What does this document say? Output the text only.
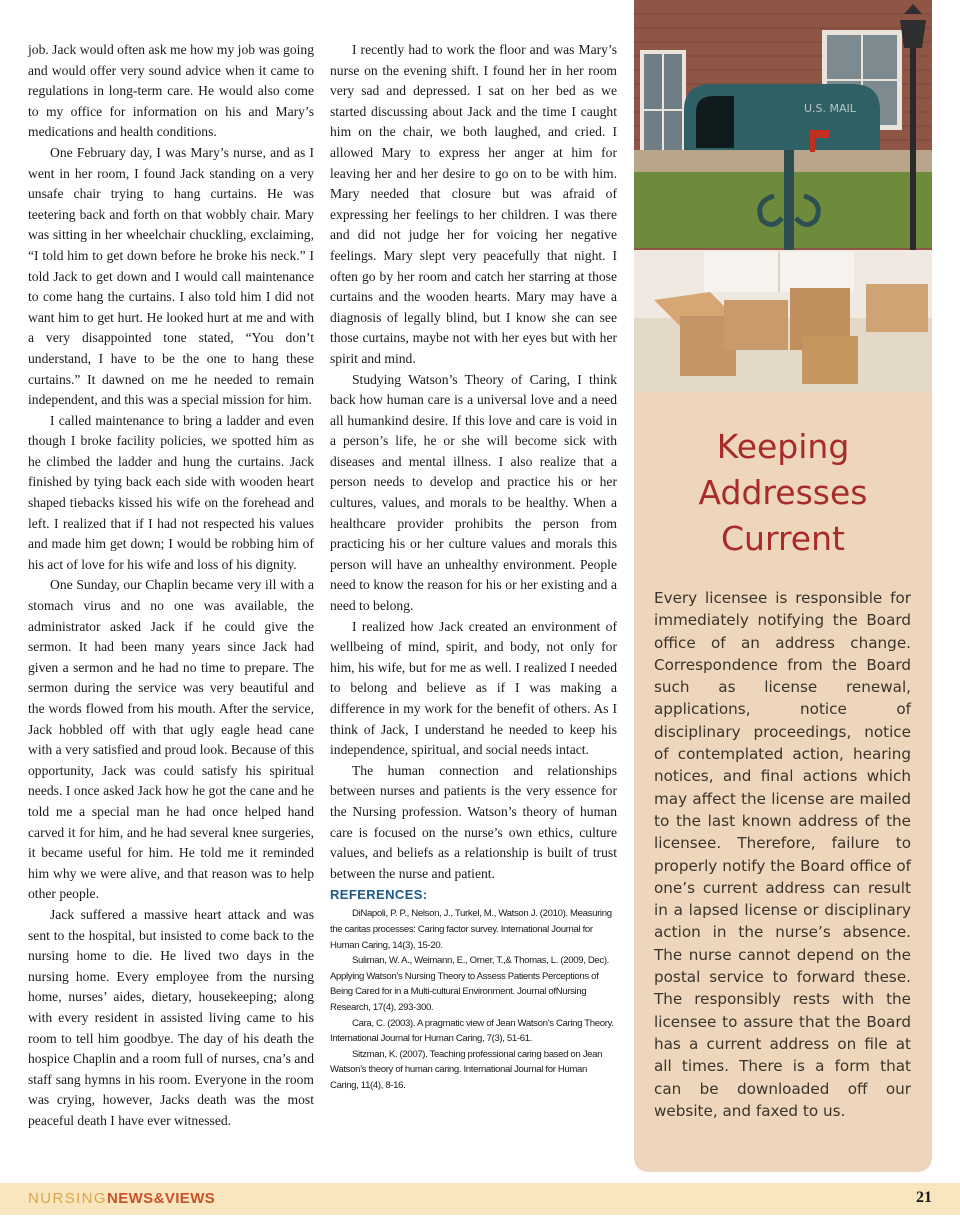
job. Jack would often ask me how my job was going and would offer very sound advice when it came to regulations in long-term care. He would also come to my office for information on his and Mary’s medications and health conditions.

One February day, I was Mary’s nurse, and as I went in her room, I found Jack standing on a very unsafe chair trying to hang curtains. He was teetering back and forth on that wobbly chair. Mary was sitting in her wheelchair chuckling, exclaiming, “I told him to get down before he broke his neck.” I told Jack to get down and I would call maintenance to come hang the curtains. I also told him I did not want him to get hurt. He looked hurt at me and with a very disappointed tone stated, “You don’t understand, I have to be the one to hang these curtains.” It dawned on me he needed to remain independent, and this was a special mission for him.

I called maintenance to bring a ladder and even though I broke facility policies, we spotted him as he climbed the ladder and hung the curtains. Jack finished by tying back each side with wooden heart shaped tiebacks kissed his wife on the forehead and left. I realized that if I had not respected his values and made him get down; I would be robbing him of his act of love for his wife and loss of his dignity.

One Sunday, our Chaplin became very ill with a stomach virus and no one was available, the administrator asked Jack if he could give the sermon. It had been many years since Jack had given a sermon and he had no time to prepare. The sermon during the service was very beautiful and the words flowed from his mouth. After the service, Jack hobbled off with that ugly eagle head cane with a very satisfied and proud look. Because of this opportunity, Jack was could satisfy his spiritual needs. I once asked Jack how he got the cane and he told me a special man he had once helped hand carved it for him, and he had several knee surgeries, it became useful for him. He told me it reminded him why we were alive, and that reason was to help other people.

Jack suffered a massive heart attack and was sent to the hospital, but insisted to come back to the nursing home to die. He lived two days in the nursing home. Every employee from the nursing home, nurses’ aides, dietary, housekeeping; along with every resident in assisted living came to his room to tell him goodbye. The day of his death the hospice Chaplin and a room full of nurses, cna’s and staff sang hymns in his room. Everyone in the room was crying, however, Jacks death was the most peaceful death I have ever witnessed.

I recently had to work the floor and was Mary’s nurse on the evening shift. I found her in her room very sad and depressed. I sat on her bed as we started discussing about Jack and the time I caught him on the chair, we both laughed, and cried. I allowed Mary to express her anger at him for leaving her and her desire to go on to be with him. Mary needed that closure but was afraid of expressing her feelings to her children. I was there and did not judge her for voicing her negative feelings. Mary slept very peacefully that night. I often go by her room and catch her starring at those curtains and the wooden hearts. Mary may have a diagnosis of legally blind, but I know she can see those curtains, maybe not with her eyes but with her spirit and mind.

Studying Watson’s Theory of Caring, I think back how human care is a universal love and a need all humankind desire. If this love and care is void in a person’s life, he or she will become sick with diseases and mental illness. I also realize that a person needs to develop and practice his or her cultures, values, and morals to be healthy. When a healthcare provider prohibits the person from practicing his or her culture values and morals this person will have an unhealthy environment. People need to know the reason for his or her existing and a need to belong.

I realized how Jack created an environment of wellbeing of mind, spirit, and body, not only for him, his wife, but for me as well. I realized I needed to belong and believe as if I was making a difference in my work for the benefit of others. As I think of Jack, I understand he needed to keep his independence, spiritual, and social needs intact.

The human connection and relationships between nurses and patients is the very essence for the Nursing profession. Watson’s theory of human care is focused on the nurse’s own ethics, culture values, and beliefs as a relationship is built of trust between the nurse and patient.

REFERENCES:

DiNapoli, P. P., Nelson, J., Turkel, M., Watson J. (2010). Measuring the caritas processes: Caring factor survey. International Journal for Human Caring, 14(3), 15-20.

Suliman, W. A., Weimann, E., Orner, T.,& Thomas, L. (2009, Dec). Applying Watson’s Nursing Theory to Assess Patients Perceptions of Being Cared for in a Multi-cultural Environment. Journal ofNursing Research, 17(4), 293-300.

Cara, C. (2003). A pragmatic view of Jean Watson’s Caring Theory. International Journal for Human Caring, 7(3), 51-61.

Sitzman, K. (2007). Teaching professional caring based on Jean Watson’s theory of human caring. International Journal for Human Caring, 11(4), 8-16.

U.S. MAIL
Keeping
Addresses
Current
Every licensee is responsible for immediately notifying the Board office of an address change. Correspondence from the Board such as license renewal, applications, notice of disciplinary proceedings, notice of contemplated action, hearing notices, and final actions which may affect the license are mailed to the last known address of the licensee. Therefore, failure to properly notify the Board office of one’s current address can result in a lapsed license or disciplinary action in the nurse’s absence. The nurse cannot depend on the postal service to forward these. The responsibly rests with the licensee to assure that the Board has a current address on file at all times. There is a form that can be downloaded off our website, and faxed to us.
NURSINGNEWS&VIEWS	21
